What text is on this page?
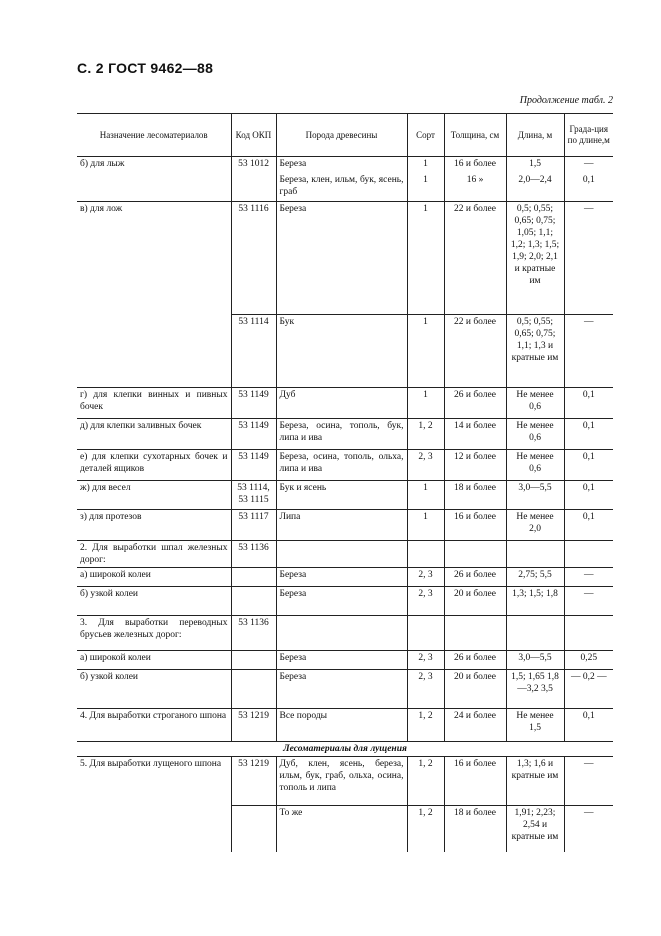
С. 2 ГОСТ 9462—88
Продолжение табл. 2
Назначение лесоматериалов	Код ОКП	Порода древесины	Сорт	Толщина, см	Длина, м	Града-ция по длине,м
б) для лыж	53 1012	Береза	1	16 и более	1,5	—
		Береза, клен, ильм, бук, ясень, граб	1	16 »	2,0—2,4	0,1
в) для лож	53 1116	Береза	1	22 и более	0,5; 0,55; 0,65; 0,75; 1,05; 1,1; 1,2; 1,3; 1,5; 1,9; 2,0; 2,1 и кратные им	—
	53 1114	Бук	1	22 и более	0,5; 0,55; 0,65; 0,75; 1,1; 1,3 и кратные им	—
г) для клепки винных и пивных бочек	53 1149	Дуб	1	26 и более	Не менее 0,6	0,1
д) для клепки заливных бочек	53 1149	Береза, осина, тополь, бук, липа и ива	1, 2	14 и более	Не менее 0,6	0,1
е) для клепки сухотарных бочек и деталей ящиков	53 1149	Береза, осина, тополь, ольха, липа и ива	2, 3	12 и более	Не менее 0,6	0,1
ж) для весел	53 1114, 53 1115	Бук и ясень	1	18 и более	3,0—5,5	0,1
з) для протезов	53 1117	Липа	1	16 и более	Не менее 2,0	0,1
2. Для выработки шпал железных дорог:	53 1136					
а) широкой колеи		Береза	2, 3	26 и более	2,75; 5,5	—
б) узкой колеи		Береза	2, 3	20 и более	1,3; 1,5; 1,8	—
3. Для выработки переводных брусьев железных дорог:	53 1136					
а) широкой колеи		Береза	2, 3	26 и более	3,0—5,5	0,25
б) узкой колеи		Береза	2, 3	20 и более	1,5; 1,65 1,8—3,2 3,5	— 0,2 —
4. Для выработки строганого шпона	53 1219	Все породы	1, 2	24 и более	Не менее 1,5	0,1
Лесоматериалы для лущения						
5. Для выработки лущеного шпона	53 1219	Дуб, клен, ясень, береза, ильм, бук, граб, ольха, осина, тополь и липа	1, 2	16 и более	1,3; 1,6 и кратные им	—
		То же	1, 2	18 и более	1,91; 2,23; 2,54 и кратные им	—
